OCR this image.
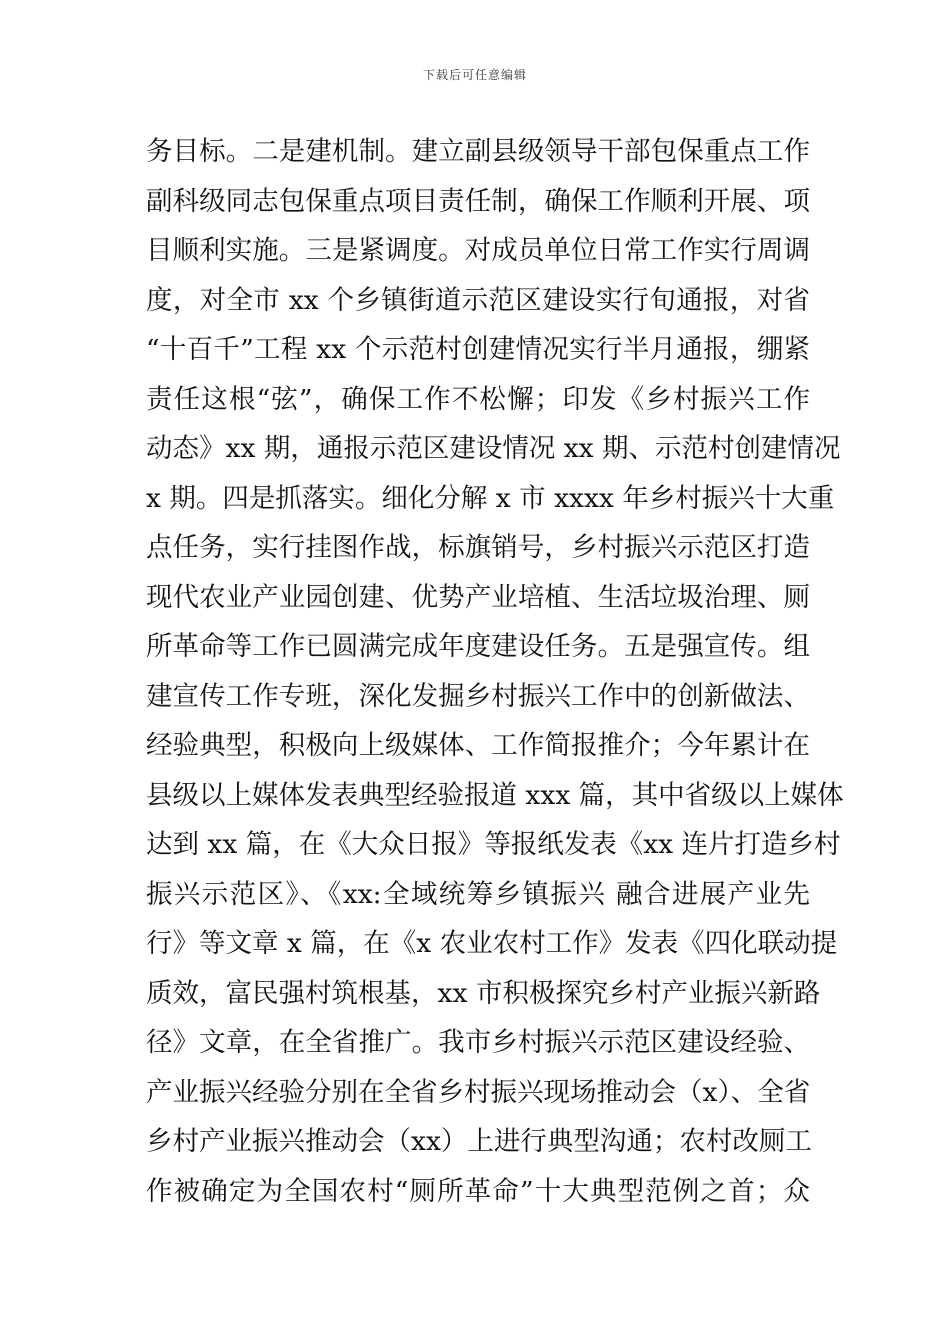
下载后可任意编辑
务目标。二是建机制。建立副县级领导干部包保重点工作
副科级同志包保重点项目责任制，确保工作顺利开展、项
目顺利实施。三是紧调度。对成员单位日常工作实行周调
度，对全市 xx 个乡镇街道示范区建设实行旬通报，对省
“十百千”工程 xx 个示范村创建情况实行半月通报，绷紧
责任这根“弦”，确保工作不松懈；印发《乡村振兴工作
动态》xx 期，通报示范区建设情况 xx 期、示范村创建情况
x 期。四是抓落实。细化分解 x 市 xxxx 年乡村振兴十大重
点任务，实行挂图作战，标旗销号，乡村振兴示范区打造
现代农业产业园创建、优势产业培植、生活垃圾治理、厕
所革命等工作已圆满完成年度建设任务。五是强宣传。组
建宣传工作专班，深化发掘乡村振兴工作中的创新做法、
经验典型，积极向上级媒体、工作简报推介；今年累计在
县级以上媒体发表典型经验报道 xxx 篇，其中省级以上媒体
达到 xx 篇，在《大众日报》等报纸发表《xx 连片打造乡村
振兴示范区》、《xx:全域统筹乡镇振兴 融合进展产业先
行》等文章 x 篇，在《x 农业农村工作》发表《四化联动提
质效，富民强村筑根基，xx 市积极探究乡村产业振兴新路
径》文章，在全省推广。我市乡村振兴示范区建设经验、
产业振兴经验分别在全省乡村振兴现场推动会（x）、全省
乡村产业振兴推动会（xx）上进行典型沟通；农村改厕工
作被确定为全国农村“厕所革命”十大典型范例之首；众
